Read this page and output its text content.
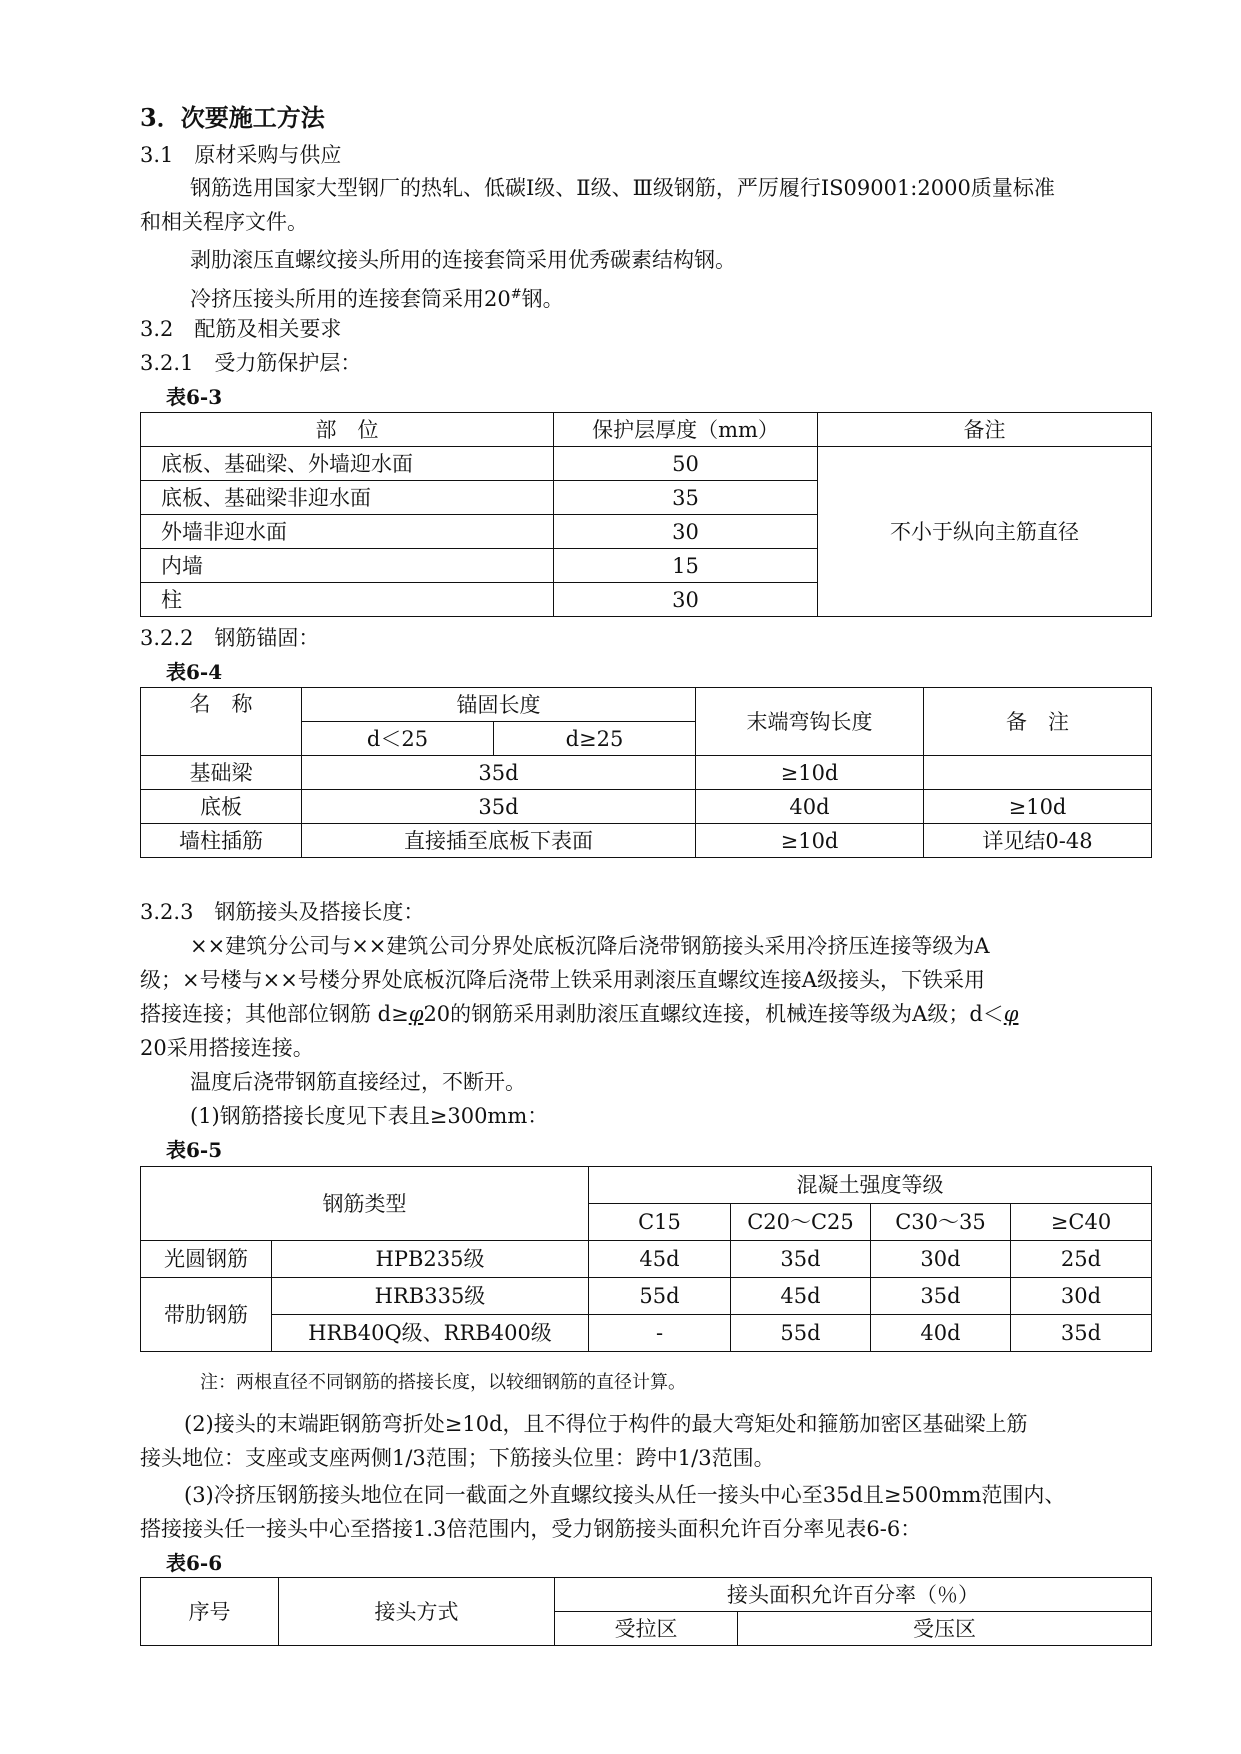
3．次要施工方法
3.1　原材采购与供应
钢筋选用国家大型钢厂的热轧、低碳Ⅰ级、Ⅱ级、Ⅲ级钢筋，严厉履行IS09001:2000质量标准
和相关程序文件。
剥肋滚压直螺纹接头所用的连接套筒采用优秀碳素结构钢。
冷挤压接头所用的连接套筒采用20#钢。
3.2　配筋及相关要求
3.2.1　受力筋保护层：
表6-3
部　位	保护层厚度（mm）	备注
底板、基础梁、外墙迎水面	50	不小于纵向主筋直径
底板、基础梁非迎水面	35	
外墙非迎水面	30	
内墙	15	
柱	30	
3.2.2　钢筋锚固：
表6-4
名　称	锚固长度		末端弯钩长度	备　注
	d＜25	d≥25		
基础梁	35d		≥10d	
底板	35d		40d	≥10d
墙柱插筋	直接插至底板下表面		≥10d	详见结0-48
3.2.3　钢筋接头及搭接长度：
××建筑分公司与××建筑公司分界处底板沉降后浇带钢筋接头采用冷挤压连接等级为A
级；×号楼与××号楼分界处底板沉降后浇带上铁采用剥滚压直螺纹连接A级接头，下铁采用
搭接连接；其他部位钢筋 d≥φ20的钢筋采用剥肋滚压直螺纹连接，机械连接等级为A级；d＜φ
20采用搭接连接。
温度后浇带钢筋直接经过，不断开。
(1)钢筋搭接长度见下表且≥300mm：
表6-5
钢筋类型		混凝土强度等级			
		C15	C20～C25	C30～35	≥C40
光圆钢筋	HPB235级	45d	35d	30d	25d
带肋钢筋	HRB335级	55d	45d	35d	30d
	HRB40Q级、RRB400级	-	55d	40d	35d
注：两根直径不同钢筋的搭接长度，以较细钢筋的直径计算。
(2)接头的末端距钢筋弯折处≥10d，且不得位于构件的最大弯矩处和箍筋加密区基础梁上筋
接头地位：支座或支座两侧1/3范围；下筋接头位里：跨中1/3范围。
(3)冷挤压钢筋接头地位在同一截面之外直螺纹接头从任一接头中心至35d且≥500mm范围内、
搭接接头任一接头中心至搭接1.3倍范围内，受力钢筋接头面积允许百分率见表6-6：
表6-6
序号	接头方式	接头面积允许百分率（％）	
		受拉区	受压区
